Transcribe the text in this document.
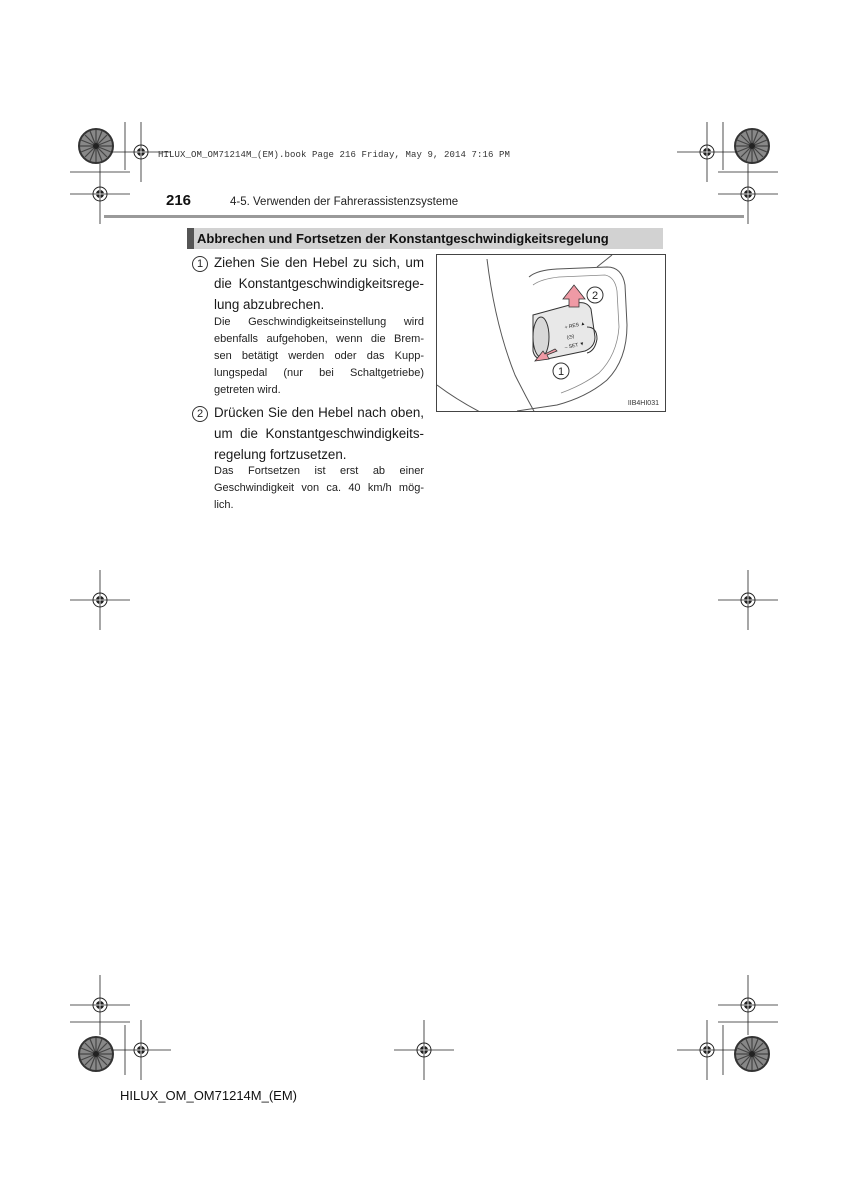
HILUX_OM_OM71214M_(EM).book Page 216 Friday, May 9, 2014 7:16 PM
216	4-5. Verwenden der Fahrerassistenzsysteme
Abbrechen und Fortsetzen der Konstantgeschwindigkeitsregelung
1 Ziehen Sie den Hebel zu sich, um
die Konstantgeschwindigkeitsrege-
lung abzubrechen.
Die Geschwindigkeitseinstellung wird
ebenfalls aufgehoben, wenn die Brem-
sen betätigt werden oder das Kupp-
lungspedal (nur bei Schaltgetriebe)
getreten wird.
2 Drücken Sie den Hebel nach oben,
um die Konstantgeschwindigkeits-
regelung fortzusetzen.
Das Fortsetzen ist erst ab einer
Geschwindigkeit von ca. 40 km/h mög-
lich.
+ RES ▲
(◷)
– SET ▼
2
1
IIB4HI031
HILUX_OM_OM71214M_(EM)
